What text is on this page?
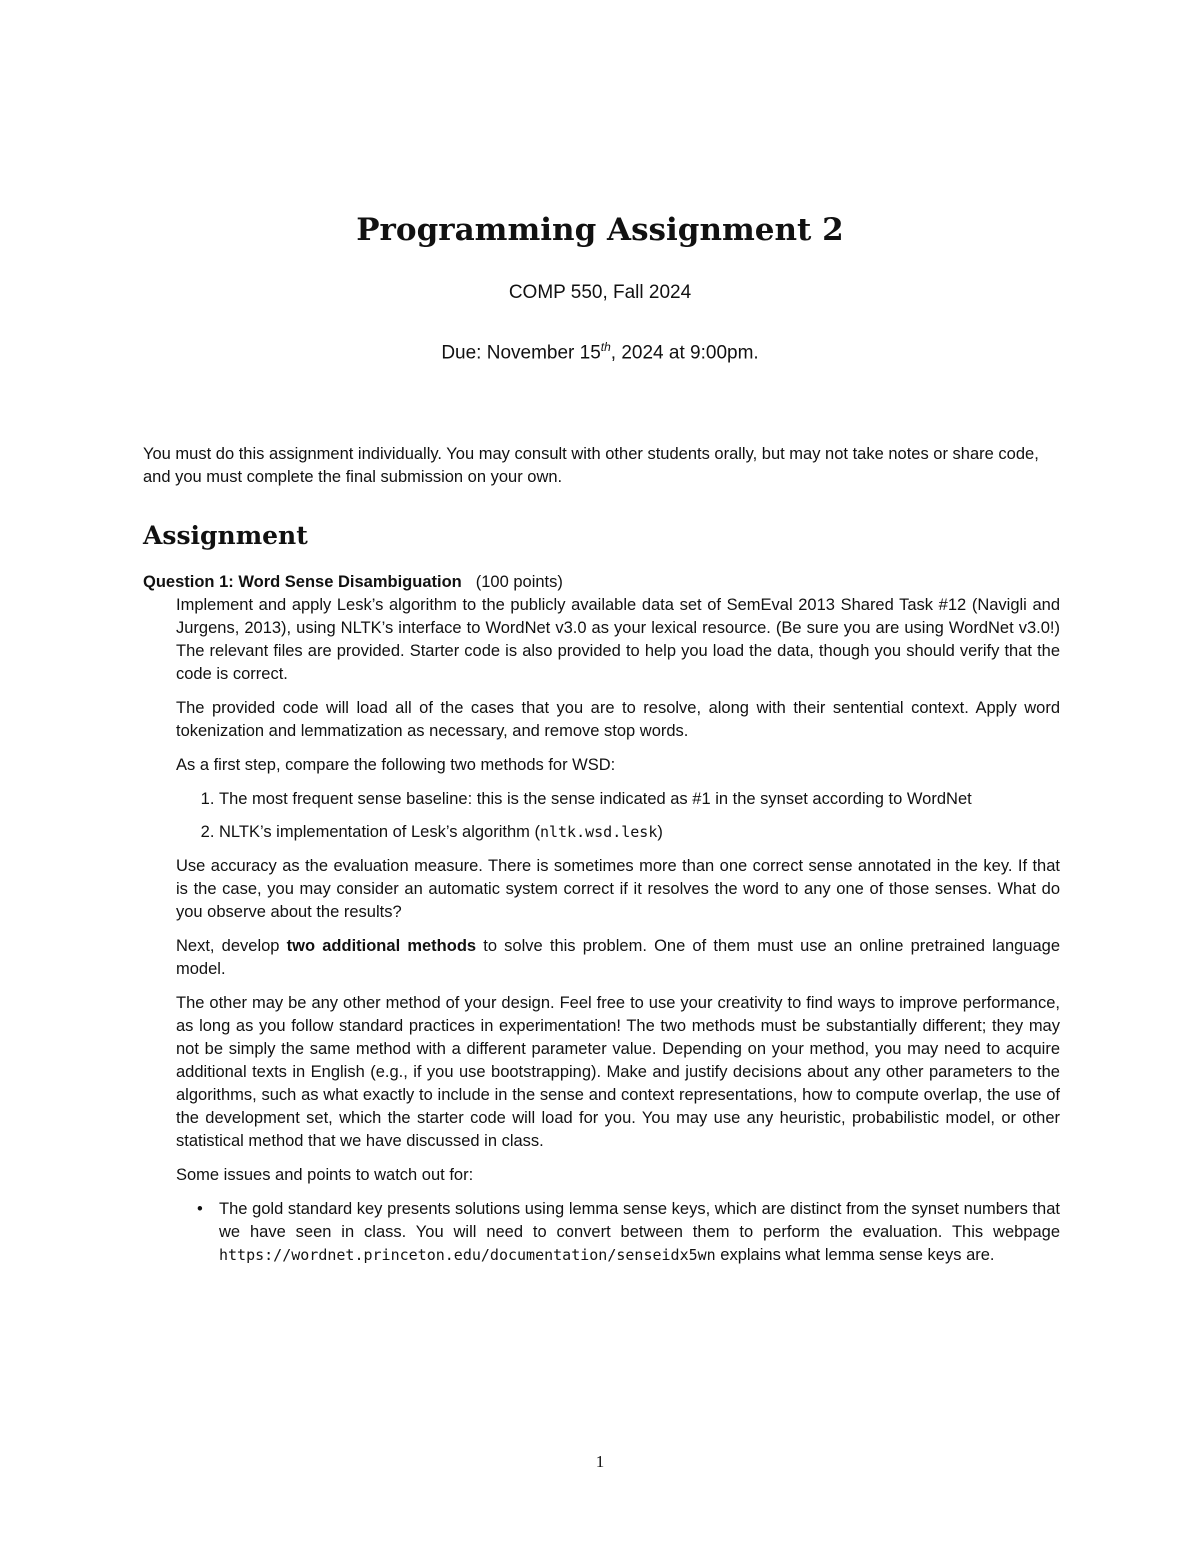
Programming Assignment 2
COMP 550, Fall 2024
Due: November 15th, 2024 at 9:00pm.

You must do this assignment individually. You may consult with other students orally, but may not take notes or share code, and you must complete the final submission on your own.

Assignment

Question 1: Word Sense Disambiguation (100 points)

Implement and apply Lesk’s algorithm to the publicly available data set of SemEval 2013 Shared Task #12 (Navigli and Jurgens, 2013), using NLTK’s interface to WordNet v3.0 as your lexical resource. (Be sure you are using WordNet v3.0!) The relevant files are provided. Starter code is also provided to help you load the data, though you should verify that the code is correct.

The provided code will load all of the cases that you are to resolve, along with their sentential context. Apply word tokenization and lemmatization as necessary, and remove stop words.

As a first step, compare the following two methods for WSD:

1. The most frequent sense baseline: this is the sense indicated as #1 in the synset according to WordNet
2. NLTK’s implementation of Lesk’s algorithm (nltk.wsd.lesk)

Use accuracy as the evaluation measure. There is sometimes more than one correct sense annotated in the key. If that is the case, you may consider an automatic system correct if it resolves the word to any one of those senses. What do you observe about the results?

Next, develop two additional methods to solve this problem. One of them must use an online pretrained language model.

The other may be any other method of your design. Feel free to use your creativity to find ways to improve performance, as long as you follow standard practices in experimentation! The two methods must be substantially different; they may not be simply the same method with a different parameter value. Depending on your method, you may need to acquire additional texts in English (e.g., if you use bootstrapping). Make and justify decisions about any other parameters to the algorithms, such as what exactly to include in the sense and context representations, how to compute overlap, the use of the development set, which the starter code will load for you. You may use any heuristic, probabilistic model, or other statistical method that we have discussed in class.

Some issues and points to watch out for:

• The gold standard key presents solutions using lemma sense keys, which are distinct from the synset numbers that we have seen in class. You will need to convert between them to perform the evaluation. This webpage https://wordnet.princeton.edu/documentation/senseidx5wn explains what lemma sense keys are.
1
